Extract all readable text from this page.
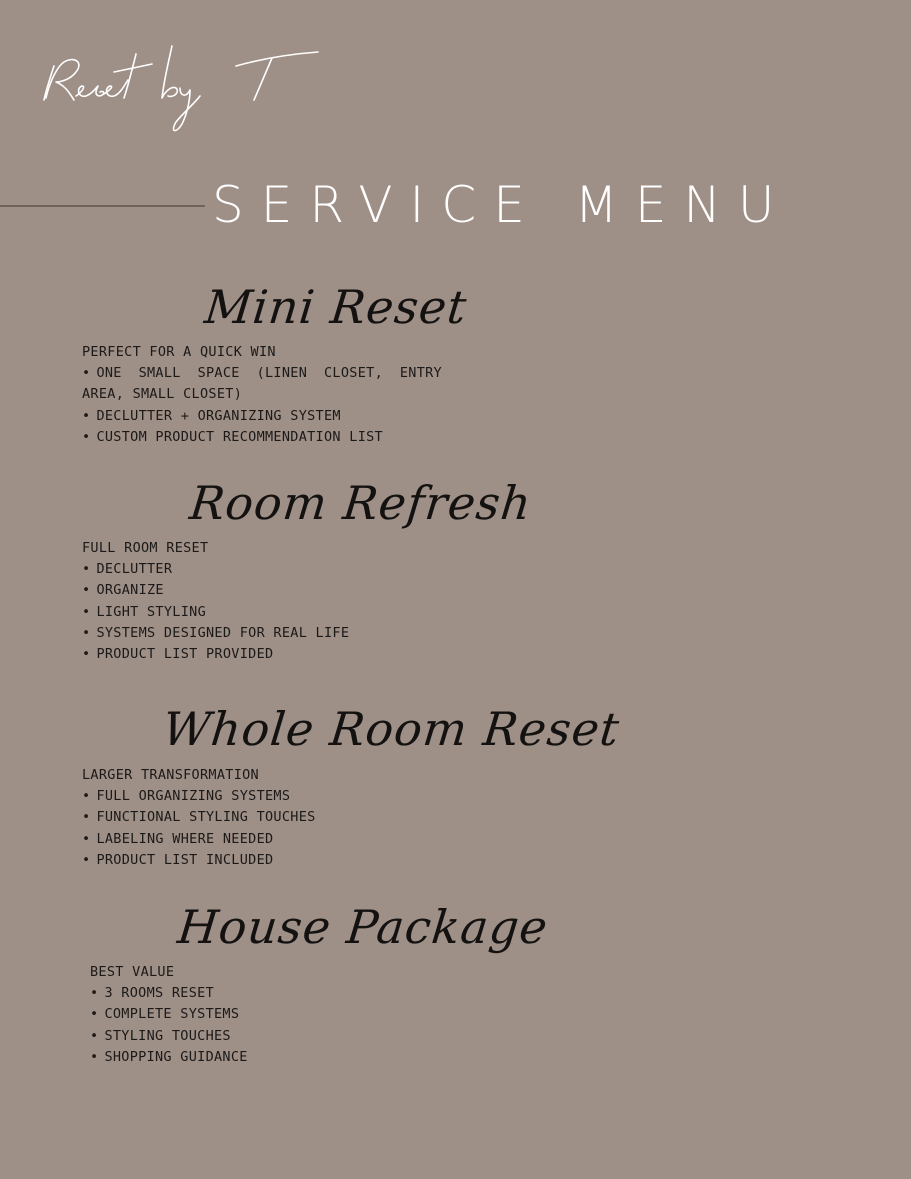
Reset by T
SERVICE MENU
Mini Reset

PERFECT FOR A QUICK WIN

• ONE SMALL SPACE (LINEN CLOSET, ENTRY AREA, SMALL CLOSET)
• DECLUTTER + ORGANIZING SYSTEM
• CUSTOM PRODUCT RECOMMENDATION LIST
Room Refresh

FULL ROOM RESET

• DECLUTTER
• ORGANIZE
• LIGHT STYLING
• SYSTEMS DESIGNED FOR REAL LIFE
• PRODUCT LIST PROVIDED
Whole Room Reset

LARGER TRANSFORMATION

• FULL ORGANIZING SYSTEMS
• FUNCTIONAL STYLING TOUCHES
• LABELING WHERE NEEDED
• PRODUCT LIST INCLUDED
House Package

BEST VALUE

• 3 ROOMS RESET
• COMPLETE SYSTEMS
• STYLING TOUCHES
• SHOPPING GUIDANCE
